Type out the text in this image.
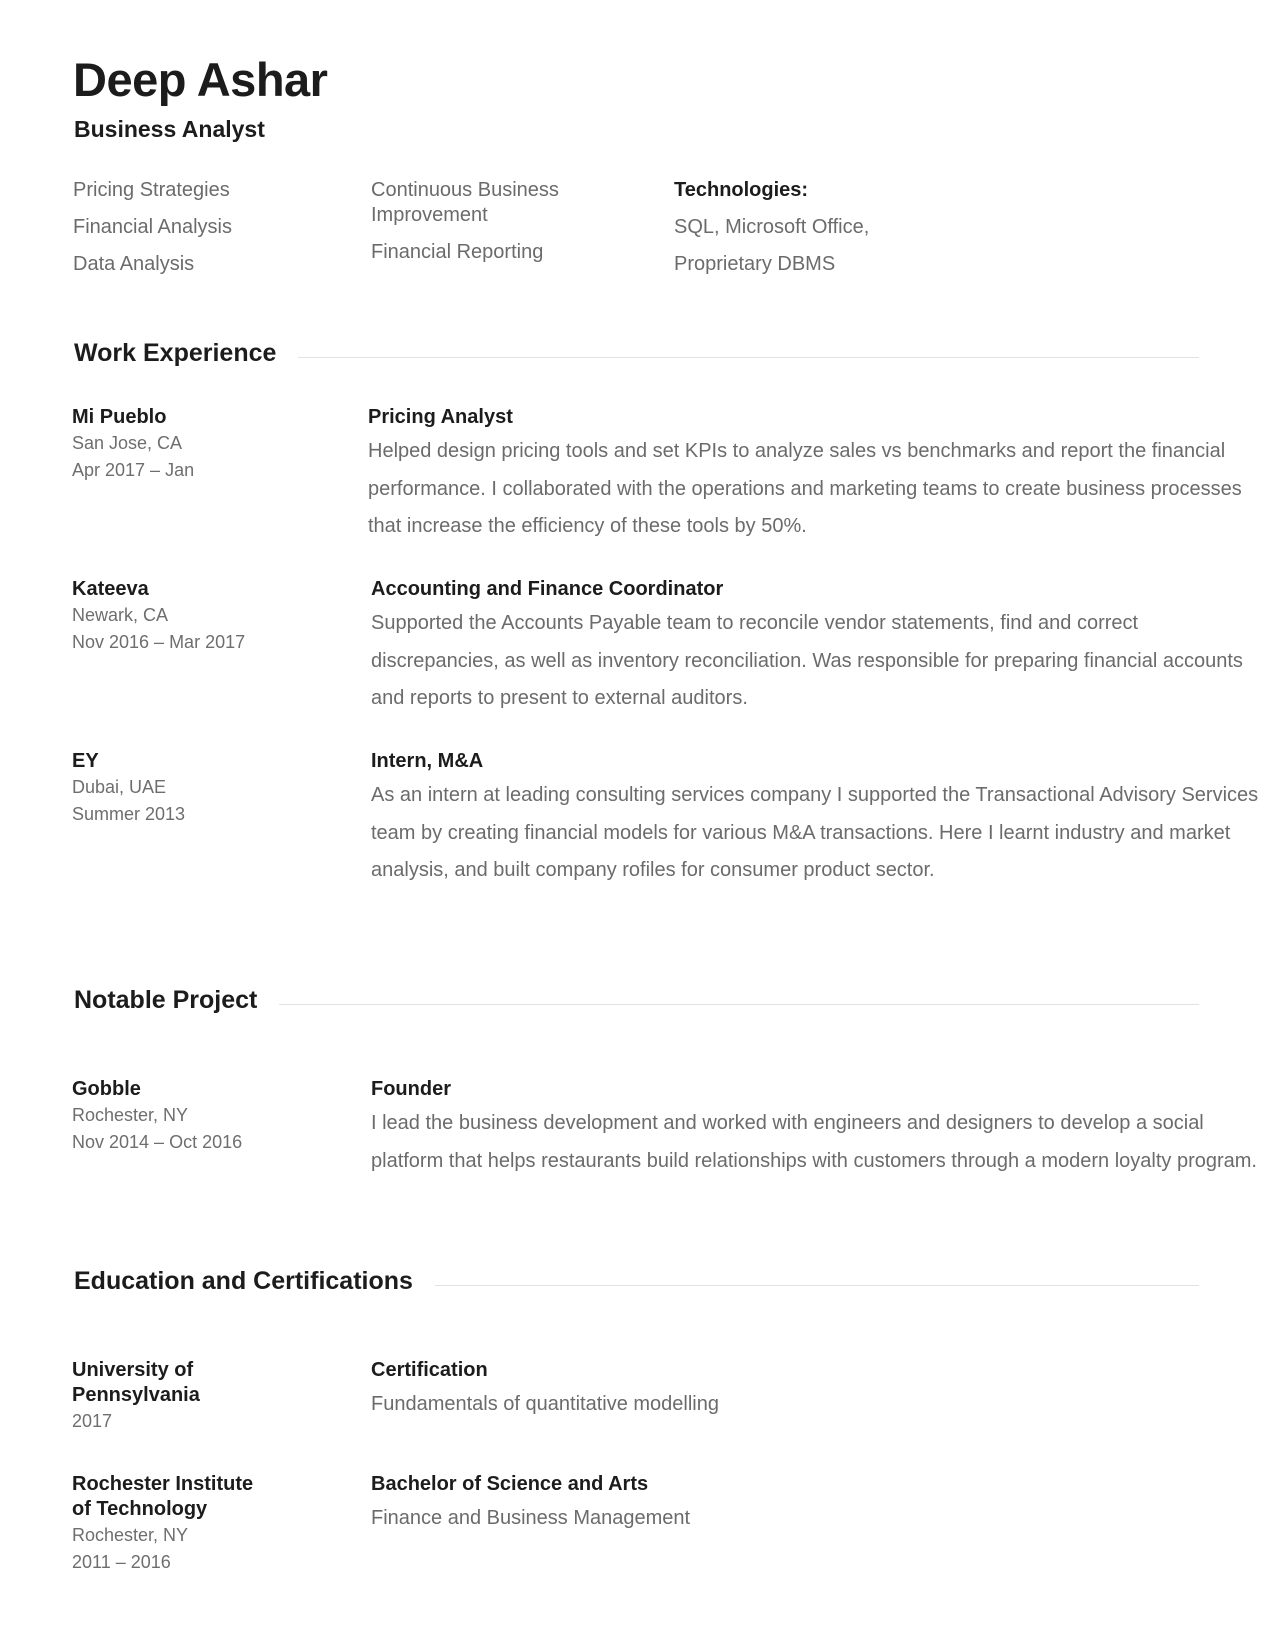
Deep Ashar
Business Analyst
Pricing Strategies
Financial Analysis
Data Analysis
Continuous Business Improvement
Financial Reporting
Technologies:
SQL, Microsoft Office,
Proprietary DBMS
Work Experience
Mi Pueblo
San Jose, CA
Apr 2017 – Jan
Pricing Analyst
Helped design pricing tools and set KPIs to analyze sales vs benchmarks and report the financial performance. I collaborated with the operations and marketing teams to create business processes that increase the efficiency of these tools by 50%.
Kateeva
Newark, CA
Nov 2016 – Mar 2017
Accounting and Finance Coordinator
Supported the Accounts Payable team to reconcile vendor statements, find and correct discrepancies, as well as inventory reconciliation. Was responsible for preparing financial accounts and reports to present to external auditors.
EY
Dubai, UAE
Summer 2013
Intern, M&A
As an intern at leading consulting services company I supported the Transactional Advisory Services team by creating financial models for various M&A transactions. Here I learnt industry and market analysis, and built company rofiles for consumer product sector.
Notable Project
Gobble
Rochester, NY
Nov 2014 – Oct 2016
Founder
I lead the business development and worked with engineers and designers to develop a social platform that helps restaurants build relationships with customers through a modern loyalty program.
Education and Certifications
University of Pennsylvania
2017
Certification
Fundamentals of quantitative modelling
Rochester Institute of Technology
Rochester, NY
2011 – 2016
Bachelor of Science and Arts
Finance and Business Management
